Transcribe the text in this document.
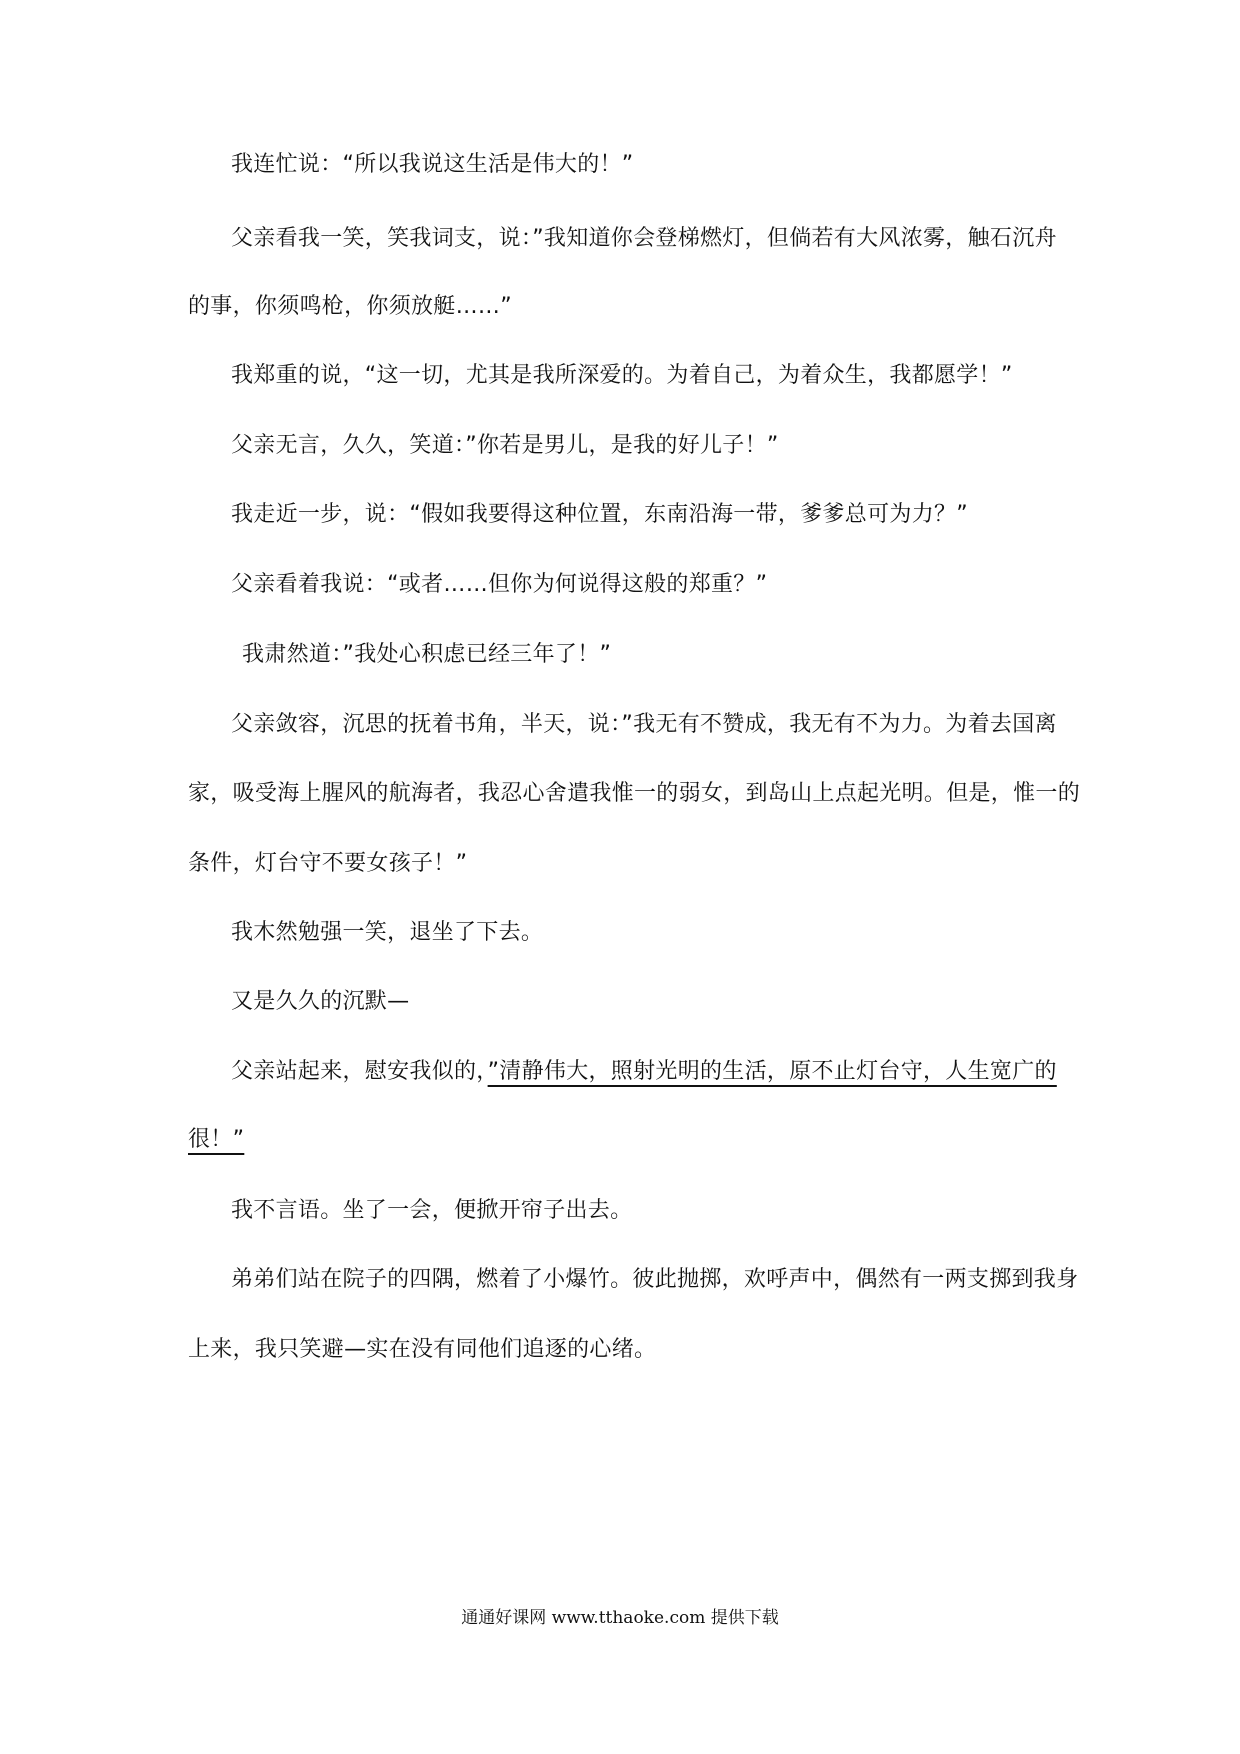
我连忙说：“所以我说这生活是伟大的！”
父亲看我一笑，笑我词支，说：”我知道你会登梯燃灯，但倘若有大风浓雾，触石沉舟
的事，你须鸣枪，你须放艇……”
我郑重的说，“这一切，尤其是我所深爱的。为着自己，为着众生，我都愿学！”
父亲无言，久久，笑道：”你若是男儿，是我的好儿子！”
我走近一步，说：“假如我要得这种位置，东南沿海一带，爹爹总可为力？”
父亲看着我说：“或者……但你为何说得这般的郑重？”
我肃然道：”我处心积虑已经三年了！”
父亲敛容，沉思的抚着书角，半天，说：”我无有不赞成，我无有不为力。为着去国离
家，吸受海上腥风的航海者，我忍心舍遣我惟一的弱女，到岛山上点起光明。但是，惟一的
条件，灯台守不要女孩子！”
我木然勉强一笑，退坐了下去。
又是久久的沉默—
父亲站起来，慰安我似的，”清静伟大，照射光明的生活，原不止灯台守，人生宽广的
很！”
我不言语。坐了一会，便掀开帘子出去。
弟弟们站在院子的四隅，燃着了小爆竹。彼此抛掷，欢呼声中，偶然有一两支掷到我身
上来，我只笑避—实在没有同他们追逐的心绪。
通通好课网 www.tthaoke.com 提供下载
